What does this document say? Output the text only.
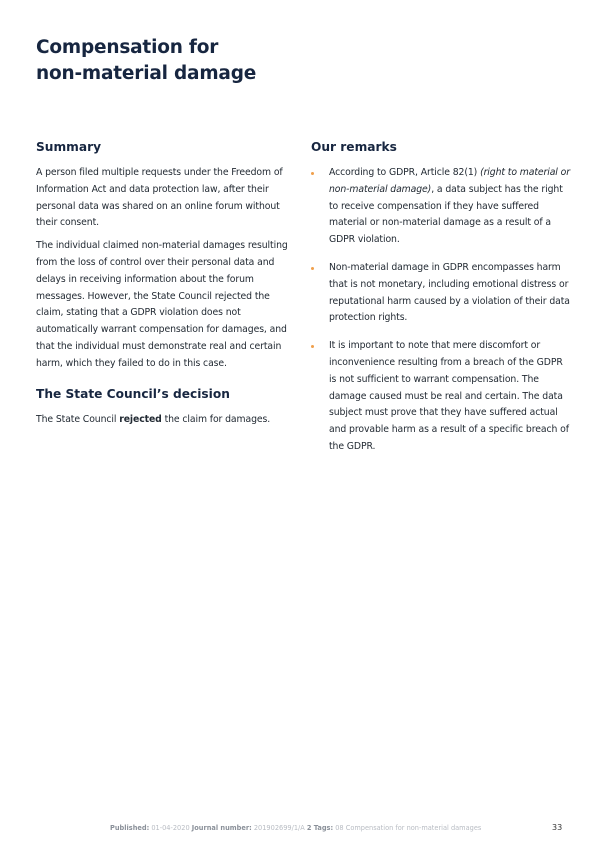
Compensation for
non-material damage
Summary

A person filed multiple requests under the Freedom of Information Act and data protection law, after their personal data was shared on an online forum without their consent.

The individual claimed non-material damages resulting from the loss of control over their personal data and delays in receiving information about the forum messages. However, the State Council rejected the claim, stating that a GDPR violation does not automatically warrant compensation for damages, and that the individual must demonstrate real and certain harm, which they failed to do in this case.

The State Council’s decision

The State Council rejected the claim for damages.

Our remarks
According to GDPR, Article 82(1) (right to material or non-material damage), a data subject has the right to receive compensation if they have suffered material or non-material damage as a result of a GDPR violation.
Non-material damage in GDPR encompasses harm that is not monetary, including emotional distress or reputational harm caused by a violation of their data protection rights.
It is important to note that mere discomfort or inconvenience resulting from a breach of the GDPR is not sufficient to warrant compensation. The damage caused must be real and certain. The data subject must prove that they have suffered actual and provable harm as a result of a specific breach of the GDPR.
Published: 01-04-2020 Journal number: 201902699/1/A 2 Tags: 08 Compensation for non-material damages	33
